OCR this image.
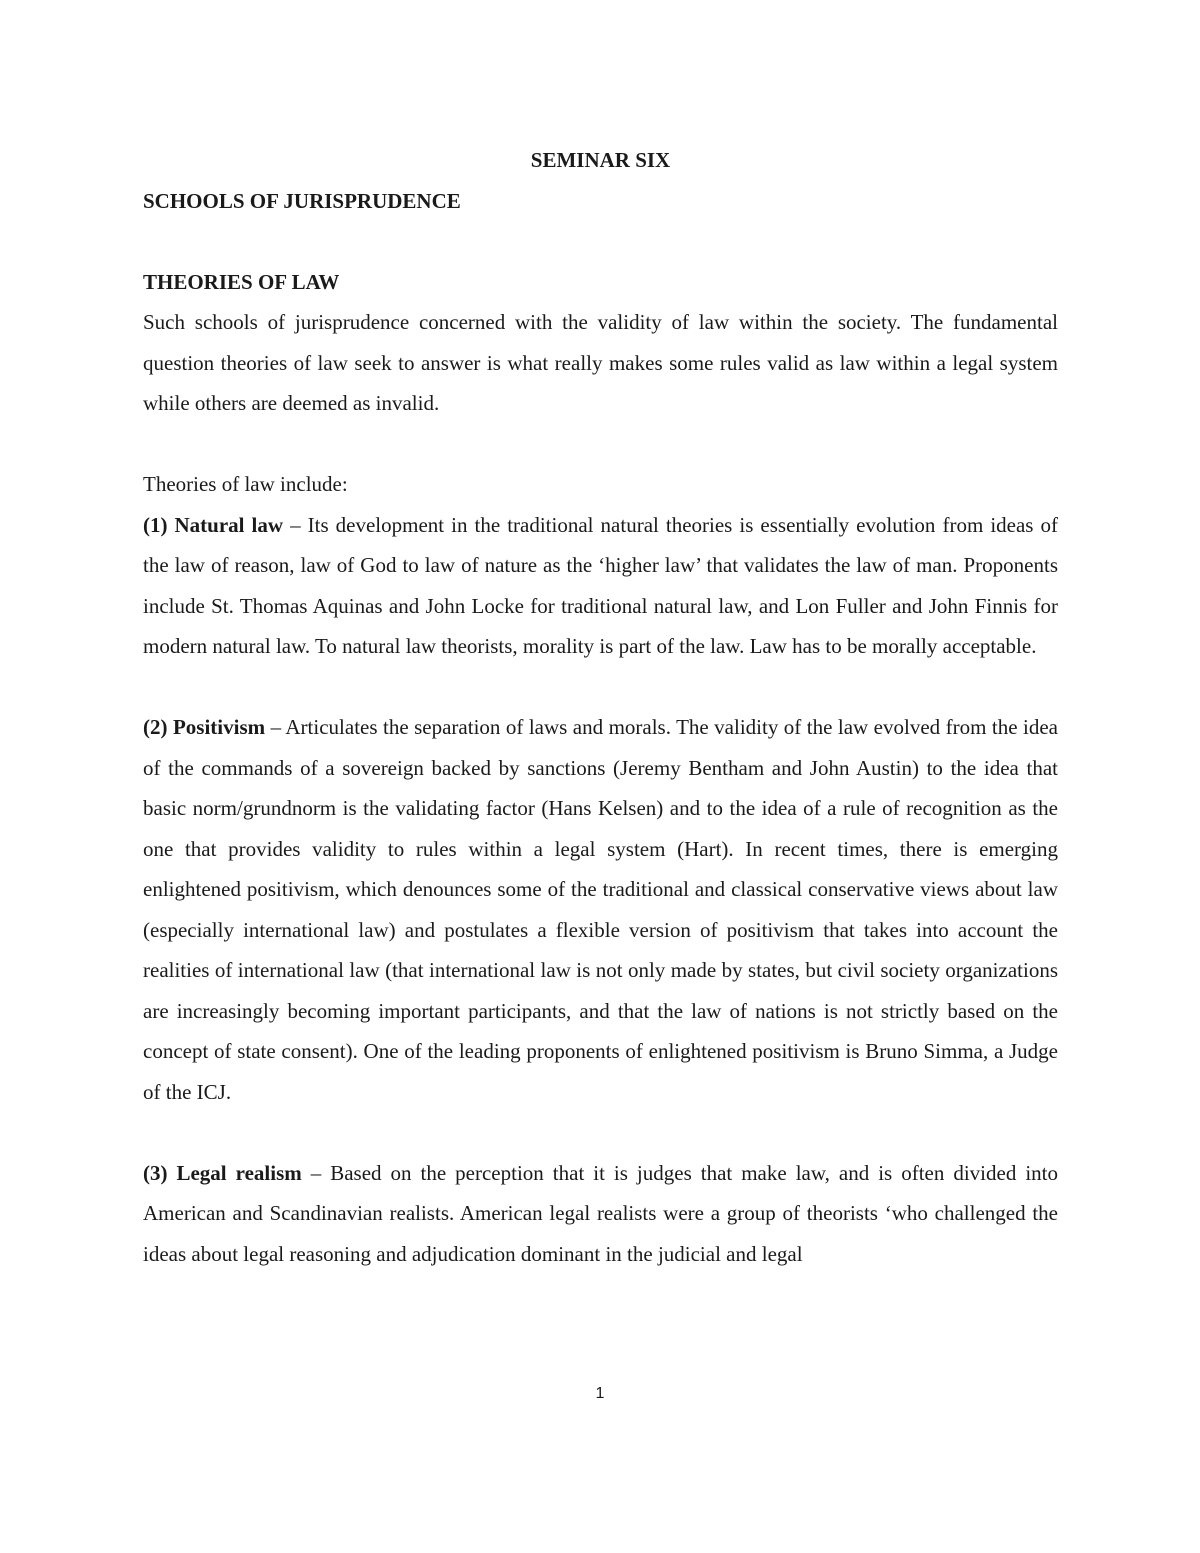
SEMINAR SIX

SCHOOLS OF JURISPRUDENCE

THEORIES OF LAW

Such schools of jurisprudence concerned with the validity of law within the society. The fundamental question theories of law seek to answer is what really makes some rules valid as law within a legal system while others are deemed as invalid.

Theories of law include:

(1) Natural law – Its development in the traditional natural theories is essentially evolution from ideas of the law of reason, law of God to law of nature as the ‘higher law’ that validates the law of man. Proponents include St. Thomas Aquinas and John Locke for traditional natural law, and Lon Fuller and John Finnis for modern natural law. To natural law theorists, morality is part of the law. Law has to be morally acceptable.

(2) Positivism – Articulates the separation of laws and morals. The validity of the law evolved from the idea of the commands of a sovereign backed by sanctions (Jeremy Bentham and John Austin) to the idea that basic norm/grundnorm is the validating factor (Hans Kelsen) and to the idea of a rule of recognition as the one that provides validity to rules within a legal system (Hart). In recent times, there is emerging enlightened positivism, which denounces some of the traditional and classical conservative views about law (especially international law) and postulates a flexible version of positivism that takes into account the realities of international law (that international law is not only made by states, but civil society organizations are increasingly becoming important participants, and that the law of nations is not strictly based on the concept of state consent). One of the leading proponents of enlightened positivism is Bruno Simma, a Judge of the ICJ.

(3) Legal realism – Based on the perception that it is judges that make law, and is often divided into American and Scandinavian realists. American legal realists were a group of theorists ‘who challenged the ideas about legal reasoning and adjudication dominant in the judicial and legal

1
